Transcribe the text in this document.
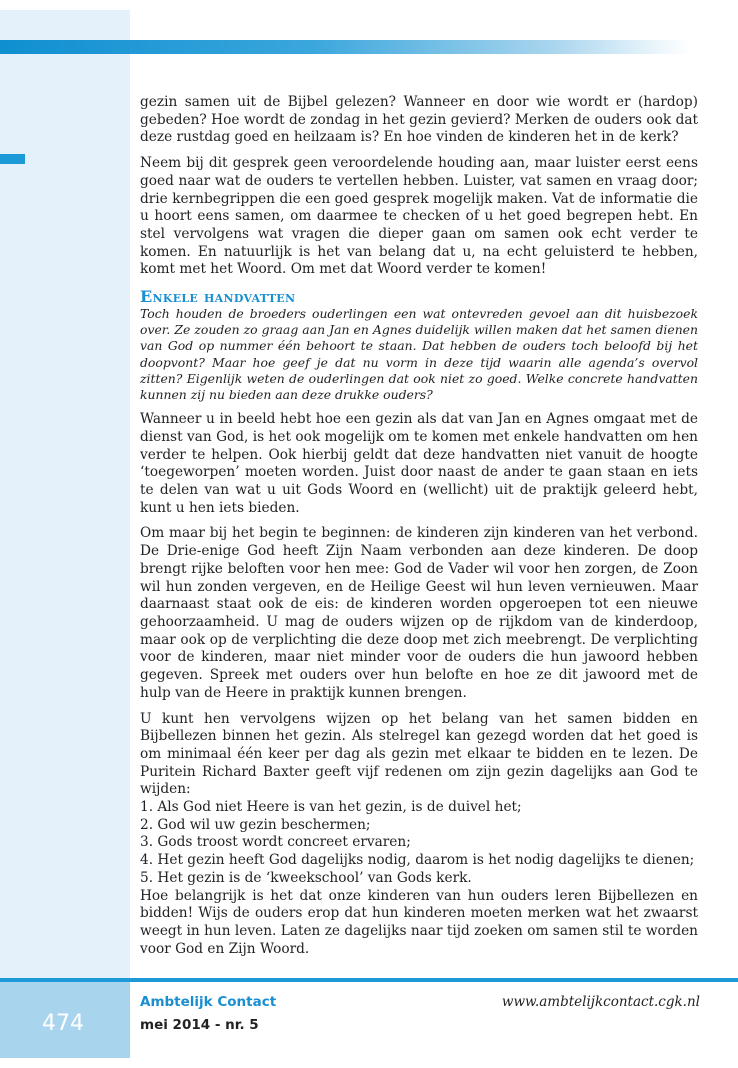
gezin samen uit de Bijbel gelezen? Wanneer en door wie wordt er (hardop) gebeden? Hoe wordt de zondag in het gezin gevierd? Merken de ouders ook dat deze rustdag goed en heilzaam is? En hoe vinden de kinderen het in de kerk?

Neem bij dit gesprek geen veroordelende houding aan, maar luister eerst eens goed naar wat de ouders te vertellen hebben. Luister, vat samen en vraag door; drie kernbegrippen die een goed gesprek mogelijk maken. Vat de informatie die u hoort eens samen, om daarmee te checken of u het goed begrepen hebt. En stel vervolgens wat vragen die dieper gaan om samen ook echt verder te komen. En natuurlijk is het van belang dat u, na echt geluisterd te hebben, komt met het Woord. Om met dat Woord verder te komen!

Enkele handvatten

Toch houden de broeders ouderlingen een wat ontevreden gevoel aan dit huisbezoek over. Ze zouden zo graag aan Jan en Agnes duidelijk willen maken dat het samen dienen van God op nummer één behoort te staan. Dat hebben de ouders toch beloofd bij het doopvont? Maar hoe geef je dat nu vorm in deze tijd waarin alle agenda’s overvol zitten? Eigenlijk weten de ouderlingen dat ook niet zo goed. Welke concrete handvatten kunnen zij nu bieden aan deze drukke ouders?

Wanneer u in beeld hebt hoe een gezin als dat van Jan en Agnes omgaat met de dienst van God, is het ook mogelijk om te komen met enkele handvatten om hen verder te helpen. Ook hierbij geldt dat deze handvatten niet vanuit de hoogte ‘toegeworpen’ moeten worden. Juist door naast de ander te gaan staan en iets te delen van wat u uit Gods Woord en (wellicht) uit de praktijk geleerd hebt, kunt u hen iets bieden.

Om maar bij het begin te beginnen: de kinderen zijn kinderen van het verbond. De Drie-enige God heeft Zijn Naam verbonden aan deze kinderen. De doop brengt rijke beloften voor hen mee: God de Vader wil voor hen zorgen, de Zoon wil hun zonden vergeven, en de Heilige Geest wil hun leven vernieuwen. Maar daarnaast staat ook de eis: de kinderen worden opgeroepen tot een nieuwe gehoorzaamheid. U mag de ouders wijzen op de rijkdom van de kinderdoop, maar ook op de verplichting die deze doop met zich meebrengt. De verplichting voor de kinderen, maar niet minder voor de ouders die hun jawoord hebben gegeven. Spreek met ouders over hun belofte en hoe ze dit jawoord met de hulp van de Heere in praktijk kunnen brengen.

U kunt hen vervolgens wijzen op het belang van het samen bidden en Bijbellezen binnen het gezin. Als stelregel kan gezegd worden dat het goed is om minimaal één keer per dag als gezin met elkaar te bidden en te lezen. De Puritein Richard Baxter geeft vijf redenen om zijn gezin dagelijks aan God te wijden:
1. Als God niet Heere is van het gezin, is de duivel het;
2. God wil uw gezin beschermen;
3. Gods troost wordt concreet ervaren;
4. Het gezin heeft God dagelijks nodig, daarom is het nodig dagelijks te dienen;
5. Het gezin is de ‘kweekschool’ van Gods kerk.
Hoe belangrijk is het dat onze kinderen van hun ouders leren Bijbellezen en bidden! Wijs de ouders erop dat hun kinderen moeten merken wat het zwaarst weegt in hun leven. Laten ze dagelijks naar tijd zoeken om samen stil te worden voor God en Zijn Woord.
474
Ambtelijk Contact
mei 2014 - nr. 5
www.ambtelijkcontact.cgk.nl
